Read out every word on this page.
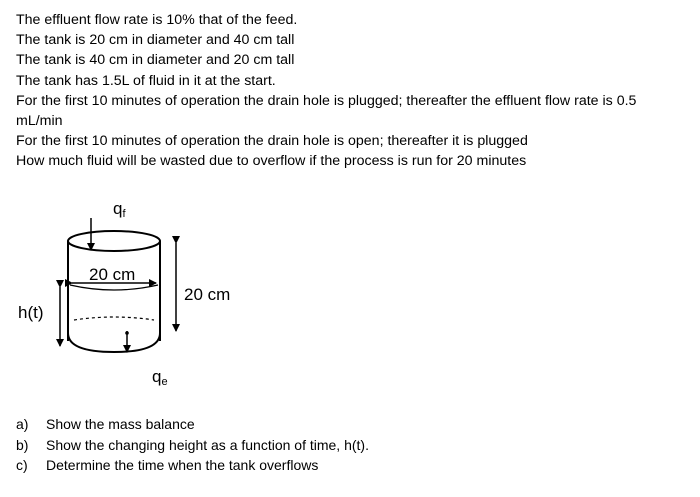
The effluent flow rate is 10% that of the feed.
The tank is 20 cm in diameter and 40 cm tall
The tank is 40 cm in diameter and 20 cm tall
The tank has 1.5L of fluid in it at the start.
For the first 10 minutes of operation the drain hole is plugged; thereafter the effluent flow rate is 0.5
mL/min
For the first 10 minutes of operation the drain hole is open; thereafter it is plugged
How much fluid will be wasted due to overflow if the process is run for 20 minutes
qf
20 cm
qe
20 cm
h(t)
a)	Show the mass balance
b)	Show the changing height as a function of time, h(t).
c)	Determine the time when the tank overflows
